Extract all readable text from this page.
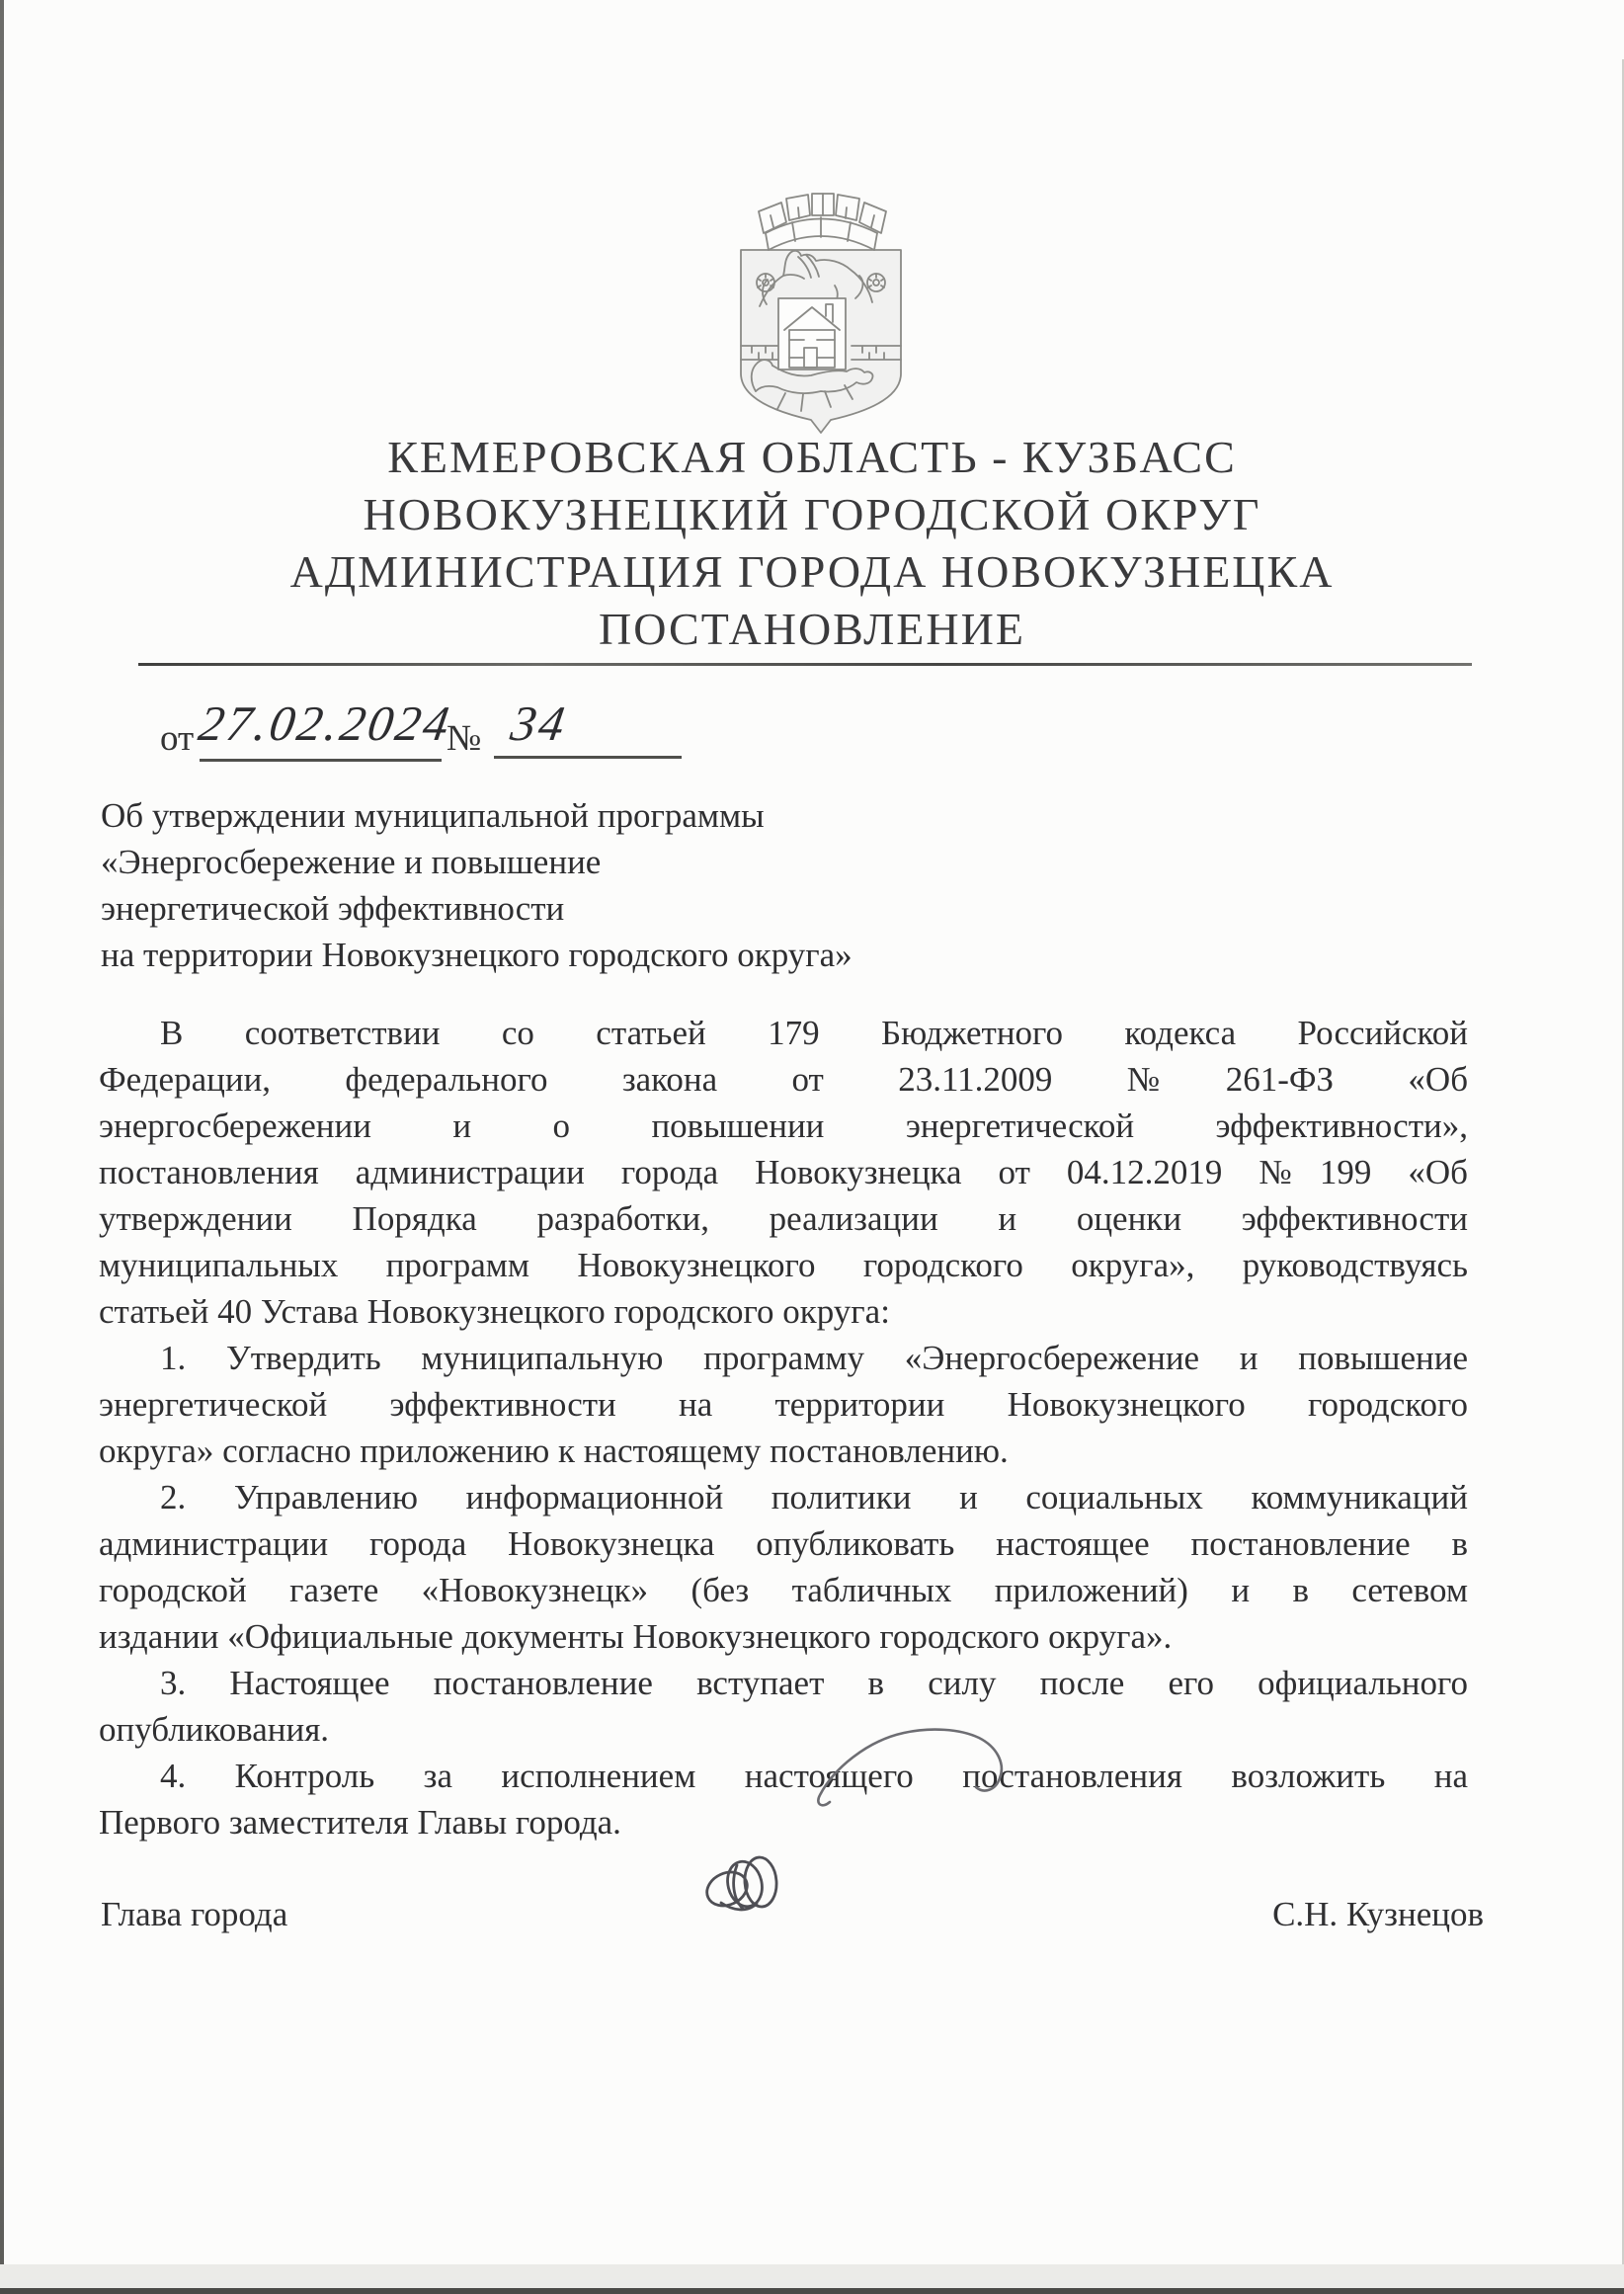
КЕМЕРОВСКАЯ ОБЛАСТЬ - КУЗБАСС
НОВОКУЗНЕЦКИЙ ГОРОДСКОЙ ОКРУГ
АДМИНИСТРАЦИЯ ГОРОДА НОВОКУЗНЕЦКА
ПОСТАНОВЛЕНИЕ
от 27.02.2024
№ 34
Об утверждении муниципальной программы
«Энергосбережение и повышение
энергетической эффективности
на территории Новокузнецкого городского округа»
В соответствии со статьей 179 Бюджетного кодекса Российской
Федерации, федерального закона от 23.11.2009 №261-ФЗ «Об
энергосбережении и о повышении энергетической эффективности»,
постановления администрации города Новокузнецка от 04.12.2019 №199 «Об
утверждении Порядка разработки, реализации и оценки эффективности
муниципальных программ Новокузнецкого городского округа», руководствуясь
статьей 40 Устава Новокузнецкого городского округа:
1. Утвердить муниципальную программу «Энергосбережение и повышение
энергетической эффективности на территории Новокузнецкого городского
округа» согласно приложению к настоящему постановлению.
2. Управлению информационной политики и социальных коммуникаций
администрации города Новокузнецка опубликовать настоящее постановление в
городской газете «Новокузнецк» (без табличных приложений) и в сетевом
издании «Официальные документы Новокузнецкого городского округа».
3. Настоящее постановление вступает в силу после его официального
опубликования.
4. Контроль за исполнением настоящего постановления возложить на
Первого заместителя Главы города.
Глава города	С.Н. Кузнецов
